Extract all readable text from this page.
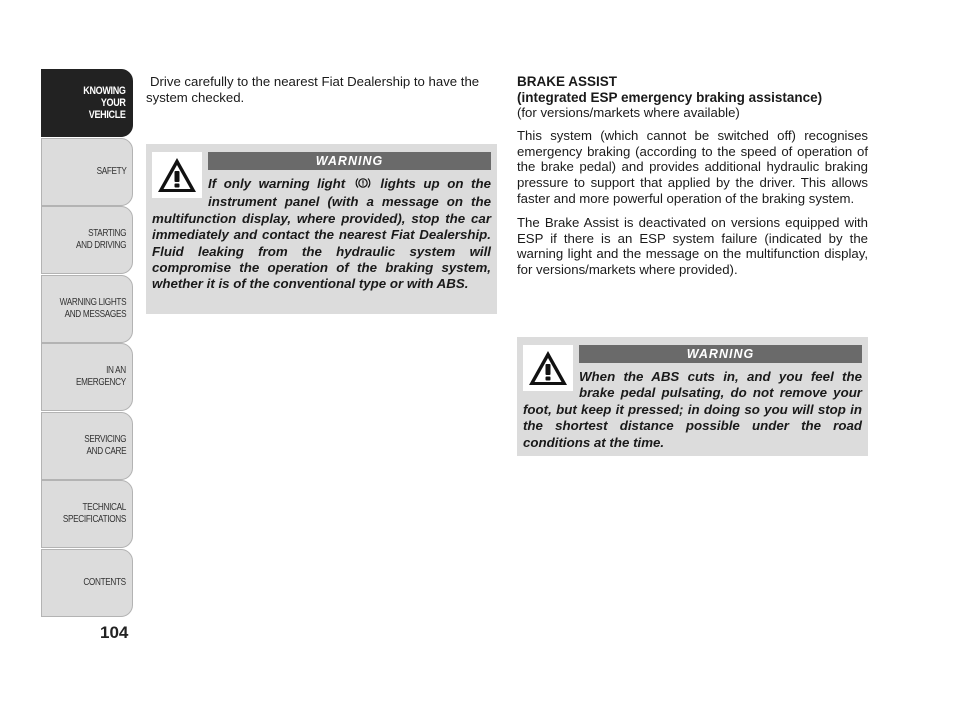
KNOWING
YOUR
VEHICLE
SAFETY
STARTING
AND DRIVING
WARNING LIGHTS
AND MESSAGES
IN AN
EMERGENCY
SERVICING
AND CARE
TECHNICAL
SPECIFICATIONS
CONTENTS
104

Drive carefully to the nearest Fiat Dealership to have the system checked.

WARNING
If only warning light	lights up on the instrument panel (with a message on the multifunction display, where provided), stop the car immediately and contact the nearest Fiat Dealership. Fluid leaking from the hydraulic system will compromise the operation of the braking system, whether it is of the conventional type or with ABS.
BRAKE ASSIST
(integrated ESP emergency braking assistance)
(for versions/markets where available)

This system (which cannot be switched off) recognises emergency braking (according to the speed of operation of the brake pedal) and provides additional hydraulic braking pressure to support that applied by the driver. This allows faster and more powerful operation of the braking system.

The Brake Assist is deactivated on versions equipped with ESP if there is an ESP system failure (indicated by the warning light and the message on the multifunction display, for versions/markets where provided).

WARNING
When the ABS cuts in, and you feel the brake pedal pulsating, do not remove your foot, but keep it pressed; in doing so you will stop in the shortest distance possible under the road conditions at the time.
